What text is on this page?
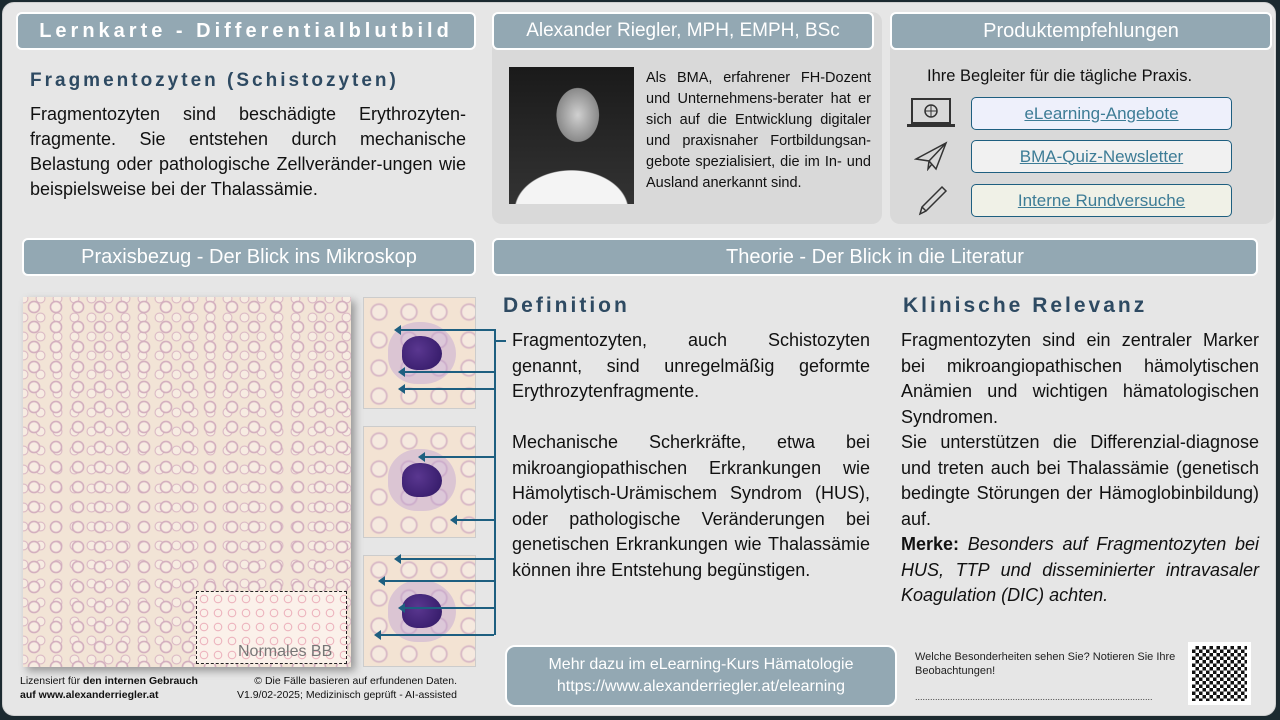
Lernkarte - Differentialblutbild
Fragmentozyten (Schistozyten)
Fragmentozyten sind beschädigte Erythrozyten-fragmente. Sie entstehen durch mechanische Belastung oder pathologische Zellveränder-ungen wie beispielsweise bei der Thalassämie.
Alexander Riegler, MPH, EMPH, BSc
Als BMA, erfahrener FH-Dozent und Unternehmens-berater hat er sich auf die Entwicklung digitaler und praxisnaher Fortbildungsan-gebote spezialisiert, die im In- und Ausland anerkannt sind.
Produktempfehlungen
Ihre Begleiter für die tägliche Praxis.
eLearning-Angebote
BMA-Quiz-Newsletter
Interne Rundversuche
Praxisbezug - Der Blick ins Mikroskop
Normales BB
Theorie - Der Blick in die Literatur
Definition
Fragmentozyten, auch Schistozyten genannt, sind unregelmäßig geformte Erythrozytenfragmente.
Mechanische Scherkräfte, etwa bei mikroangiopathischen Erkrankungen wie Hämolytisch-Urämischem Syndrom (HUS), oder pathologische Veränderungen bei genetischen Erkrankungen wie Thalassämie können ihre Entstehung begünstigen.
Klinische Relevanz
Fragmentozyten sind ein zentraler Marker bei mikroangiopathischen hämolytischen Anämien und wichtigen hämatologischen Syndromen.
Sie unterstützen die Differenzial-diagnose und treten auch bei Thalassämie (genetisch bedingte Störungen der Hämoglobinbildung) auf.
Merke: Besonders auf Fragmentozyten bei HUS, TTP und disseminierter intravasaler Koagulation (DIC) achten.
Mehr dazu im eLearning-Kurs Hämatologie
https://www.alexanderriegler.at/elearning
Welche Besonderheiten sehen Sie? Notieren Sie Ihre Beobachtungen!
...............................................................................................
Lizensiert für den internen Gebrauch
auf www.alexanderriegler.at
© Die Fälle basieren auf erfundenen Daten.
V1.9/02-2025; Medizinisch geprüft - AI-assisted
